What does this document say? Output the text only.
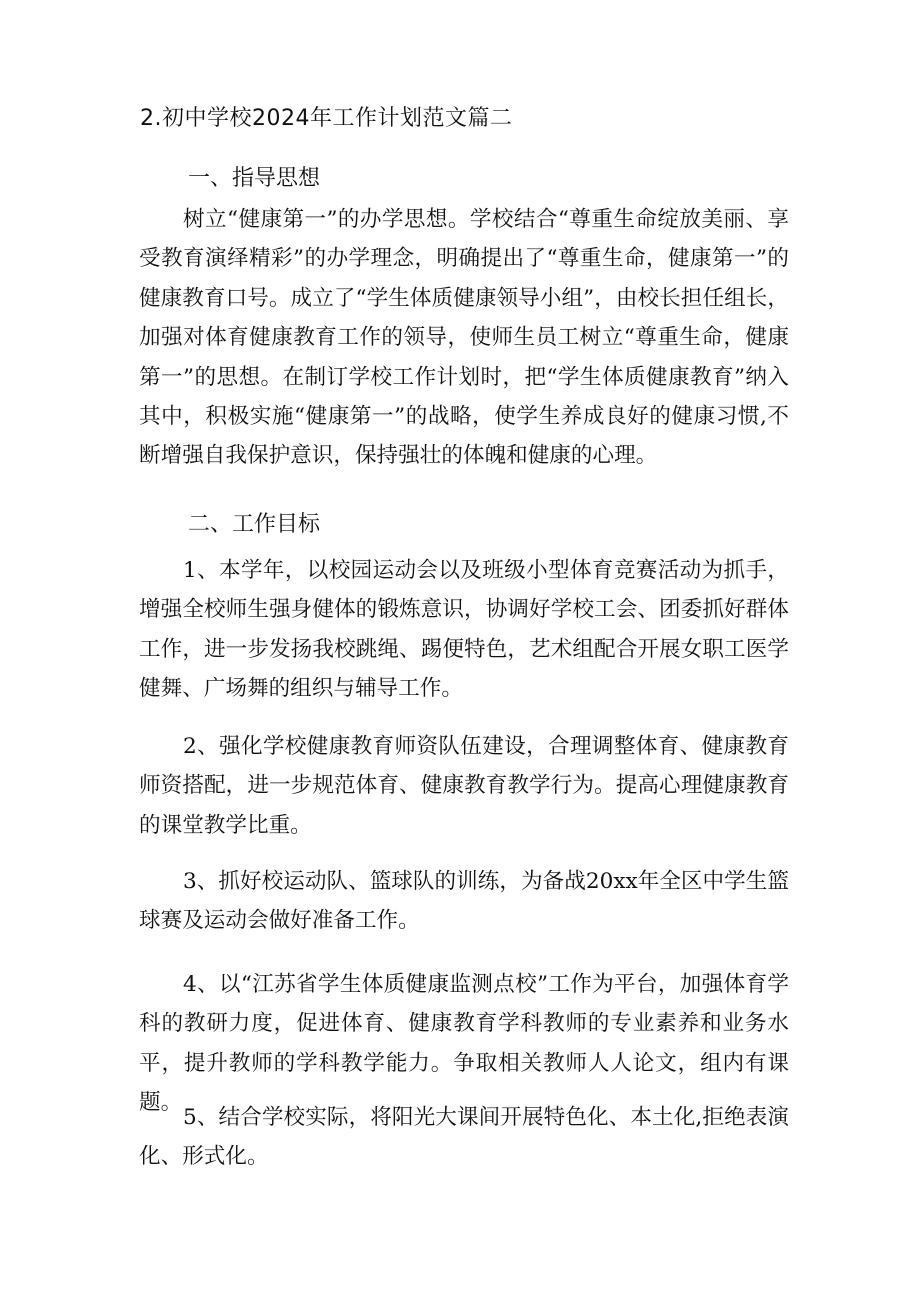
2.初中学校2024年工作计划范文篇二
一、指导思想
树立“健康第一”的办学思想。学校结合“尊重生命绽放美丽、享受教育演绎精彩”的办学理念，明确提出了“尊重生命，健康第一”的健康教育口号。成立了“学生体质健康领导小组”，由校长担任组长，加强对体育健康教育工作的领导，使师生员工树立“尊重生命，健康第一”的思想。在制订学校工作计划时，把“学生体质健康教育”纳入其中，积极实施“健康第一”的战略，使学生养成良好的健康习惯,不断增强自我保护意识，保持强壮的体魄和健康的心理。
二、工作目标
1、本学年，以校园运动会以及班级小型体育竞赛活动为抓手，增强全校师生强身健体的锻炼意识，协调好学校工会、团委抓好群体工作，进一步发扬我校跳绳、踢便特色，艺术组配合开展女职工医学健舞、广场舞的组织与辅导工作。
2、强化学校健康教育师资队伍建设，合理调整体育、健康教育师资搭配，进一步规范体育、健康教育教学行为。提高心理健康教育的课堂教学比重。
3、抓好校运动队、篮球队的训练，为备战20xx年全区中学生篮球赛及运动会做好准备工作。
4、以“江苏省学生体质健康监测点校”工作为平台，加强体育学科的教研力度，促进体育、健康教育学科教师的专业素养和业务水平，提升教师的学科教学能力。争取相关教师人人论文，组内有课题。
5、结合学校实际，将阳光大课间开展特色化、本土化,拒绝表演化、形式化。
